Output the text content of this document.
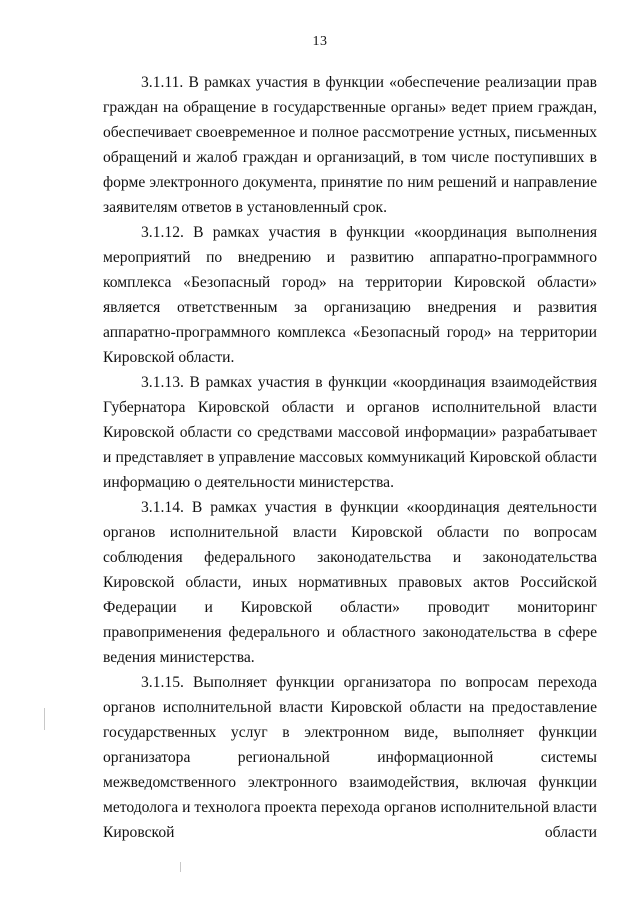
13

3.1.11. В рамках участия в функции «обеспечение реализации прав граждан на обращение в государственные органы» ведет прием граждан, обеспечивает своевременное и полное рассмотрение устных, письменных обращений и жалоб граждан и организаций, в том числе поступивших в форме электронного документа, принятие по ним решений и направление заявителям ответов в установленный срок.

3.1.12. В рамках участия в функции «координация выполнения мероприятий по внедрению и развитию аппаратно-программного комплекса «Безопасный город» на территории Кировской области» является ответственным за организацию внедрения и развития аппаратно-программного комплекса «Безопасный город» на территории Кировской области.

3.1.13. В рамках участия в функции «координация взаимодействия Губернатора Кировской области и органов исполнительной власти Кировской области со средствами массовой информации» разрабатывает и представляет в управление массовых коммуникаций Кировской области информацию о деятельности министерства.

3.1.14. В рамках участия в функции «координация деятельности органов исполнительной власти Кировской области по вопросам соблюдения федерального законодательства и законодательства Кировской области, иных нормативных правовых актов Российской Федерации и Кировской области» проводит мониторинг правоприменения федерального и областного законодательства в сфере ведения министерства.

3.1.15. Выполняет функции организатора по вопросам перехода органов исполнительной власти Кировской области на предоставление государственных услуг в электронном виде, выполняет функции организатора региональной информационной системы межведомственного электронного взаимодействия, включая функции методолога и технолога проекта перехода органов исполнительной власти Кировской области
